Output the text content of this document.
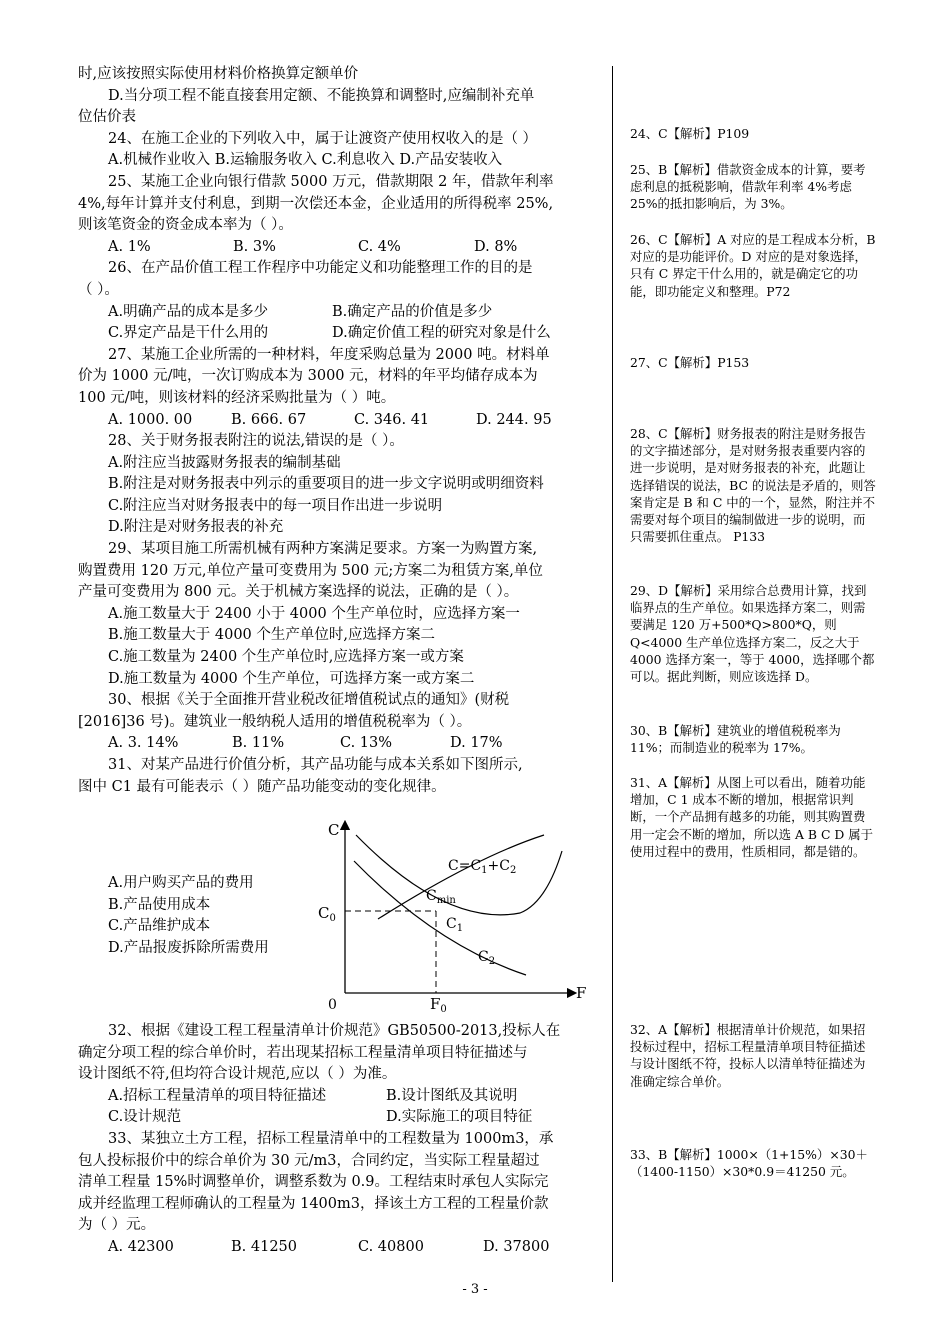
时,应该按照实际使用材料价格换算定额单价

D.当分项工程不能直接套用定额、不能换算和调整时,应编制补充单

位估价表

24、在施工企业的下列收入中，属于让渡资产使用权收入的是（ ）

A.机械作业收入 B.运输服务收入 C.利息收入 D.产品安装收入

25、某施工企业向银行借款 5000 万元，借款期限 2 年，借款年利率

4%,每年计算并支付利息，到期一次偿还本金，企业适用的所得税率 25%,

则该笔资金的资金成本率为（ ）。

A. 1%	B. 3%	C. 4%	D. 8%

26、在产品价值工程工作程序中功能定义和功能整理工作的目的是

（ ）。

A.明确产品的成本是多少	B.确定产品的价值是多少

C.界定产品是干什么用的	D.确定价值工程的研究对象是什么

27、某施工企业所需的一种材料，年度采购总量为 2000 吨。材料单

价为 1000 元/吨，一次订购成本为 3000 元，材料的年平均储存成本为

100 元/吨，则该材料的经济采购批量为（ ）吨。

A. 1000. 00	B. 666. 67	C. 346. 41	D. 244. 95

28、关于财务报表附注的说法,错误的是（ ）。

A.附注应当披露财务报表的编制基础

B.附注是对财务报表中列示的重要项目的进一步文字说明或明细资料

C.附注应当对财务报表中的每一项目作出进一步说明

D.附注是对财务报表的补充

29、某项目施工所需机械有两种方案满足要求。方案一为购置方案,

购置费用 120 万元,单位产量可变费用为 500 元;方案二为租赁方案,单位

产量可变费用为 800 元。关于机械方案选择的说法，正确的是（ ）。

A.施工数量大于 2400 小于 4000 个生产单位时，应选择方案一

B.施工数量大于 4000 个生产单位时,应选择方案二

C.施工数量为 2400 个生产单位时,应选择方案一或方案

D.施工数量为 4000 个生产单位，可选择方案一或方案二

30、根据《关于全面推开营业税改征增值税试点的通知》(财税

[2016]36 号)。建筑业一般纳税人适用的增值税税率为（ ）。

A. 3. 14%	B. 11%	C. 13%	D. 17%

31、对某产品进行价值分析，其产品功能与成本关系如下图所示,

图中 C1 最有可能表示（ ）随产品功能变动的变化规律。

A.用户购买产品的费用

B.产品使用成本

C.产品维护成本

D.产品报废拆除所需费用

C
F
0
$C_0$
$F_0$
$C_{min}$
$C_1$
$C_2$
$C=C_1+C_2$

32、根据《建设工程工程量清单计价规范》GB50500-2013,投标人在

确定分项工程的综合单价时，若出现某招标工程量清单项目特征描述与

设计图纸不符,但均符合设计规范,应以（ ）为准。

A.招标工程量清单的项目特征描述	B.设计图纸及其说明

C.设计规范	D.实际施工的项目特征

33、某独立土方工程，招标工程量清单中的工程数量为 1000m3，承

包人投标报价中的综合单价为 30 元/m3，合同约定，当实际工程量超过

清单工程量 15%时调整单价，调整系数为 0.9。工程结束时承包人实际完

成并经监理工程师确认的工程量为 1400m3，择该土方工程的工程量价款

为（ ）元。

A. 42300	B. 41250	C. 40800	D. 37800

24、C【解析】P109

25、B【解析】借款资金成本的计算，要考虑利息的抵税影响，借款年利率 4%考虑 25%的抵扣影响后，为 3%。

26、C【解析】A 对应的是工程成本分析，B 对应的是功能评价。D 对应的是对象选择，只有 C 界定干什么用的，就是确定它的功能，即功能定义和整理。P72

27、C【解析】P153

28、C【解析】财务报表的附注是财务报告的文字描述部分，是对财务报表重要内容的进一步说明，是对财务报表的补充，此题让选择错误的说法，BC 的说法是矛盾的，则答案肯定是 B 和 C 中的一个，显然，附注并不需要对每个项目的编制做进一步的说明，而只需要抓住重点。 P133

29、D【解析】采用综合总费用计算，找到临界点的生产单位。如果选择方案二，则需要满足 120 万+500*Q>800*Q，则 Q<4000 生产单位选择方案二，反之大于 4000 选择方案一，等于 4000，选择哪个都可以。据此判断，则应该选择 D。

30、B【解析】建筑业的增值税税率为 11%；而制造业的税率为 17%。

31、A【解析】从图上可以看出，随着功能增加，C 1 成本不断的增加，根据常识判断，一个产品拥有越多的功能，则其购置费用一定会不断的增加，所以选 A B C D 属于使用过程中的费用，性质相同，都是错的。

32、A【解析】根据清单计价规范，如果招投标过程中，招标工程量清单项目特征描述与设计图纸不符，投标人以清单特征描述为准确定综合单价。

33、B【解析】1000×（1+15%）×30＋（1400-1150）×30*0.9＝41250 元。

- 3 -
